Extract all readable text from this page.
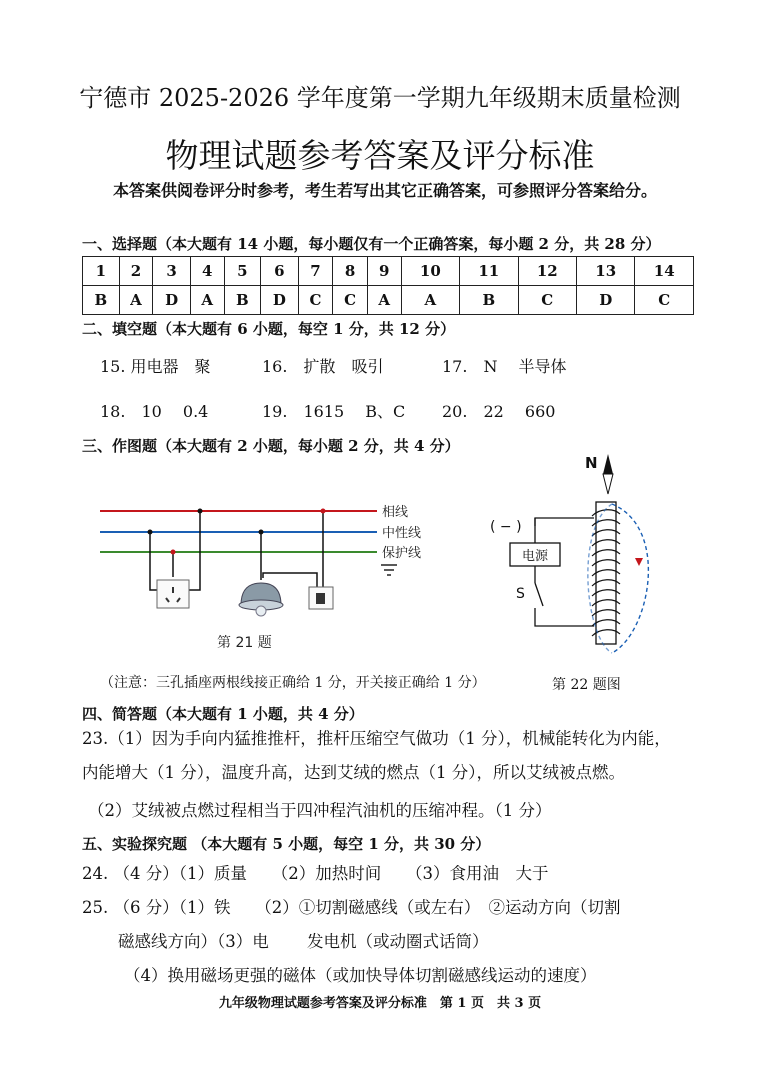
宁德市 2025-2026 学年度第一学期九年级期末质量检测
物理试题参考答案及评分标准
本答案供阅卷评分时参考，考生若写出其它正确答案，可参照评分答案给分。
一、选择题（本大题有 14 小题，每小题仅有一个正确答案，每小题 2 分，共 28 分）
1	2	3	4	5	6	7	8	9	10	11	12	13	14
B	A	D	A	B	D	C	C	A	A	B	C	D	C
二、填空题（本大题有 6 小题，每空 1 分，共 12 分）
15. 用电器　聚	16.　扩散　吸引	17.　N　 半导体
18.　10　 0.4	19.　1615　 B、C 20.　22　 660
三、作图题（本大题有 2 小题，每小题 2 分，共 4 分）
相线
中性线
保护线
第 21 题
N
( − )
电源
S
（注意：三孔插座两根线接正确给 1 分，开关接正确给 1 分）	第 22 题图
四、简答题（本大题有 1 小题，共 4 分）
23.（1）因为手向内猛推推杆，推杆压缩空气做功（1 分），机械能转化为内能，内能增大（1 分），温度升高，达到艾绒的燃点（1 分），所以艾绒被点燃。
（2）艾绒被点燃过程相当于四冲程汽油机的压缩冲程。（1 分）
五、实验探究题 （本大题有 5 小题，每空 1 分，共 30 分）
24. （4 分）（1）质量　　（2）加热时间　　（3）食用油　大于
25. （6 分）（1）铁　　（2）①切割磁感线（或左右）　②运动方向（切割
磁感线方向）（3）电　　 发电机（或动圈式话筒）
（4）换用磁场更强的磁体（或加快导体切割磁感线运动的速度）
九年级物理试题参考答案及评分标准　第 1 页　共 3 页
